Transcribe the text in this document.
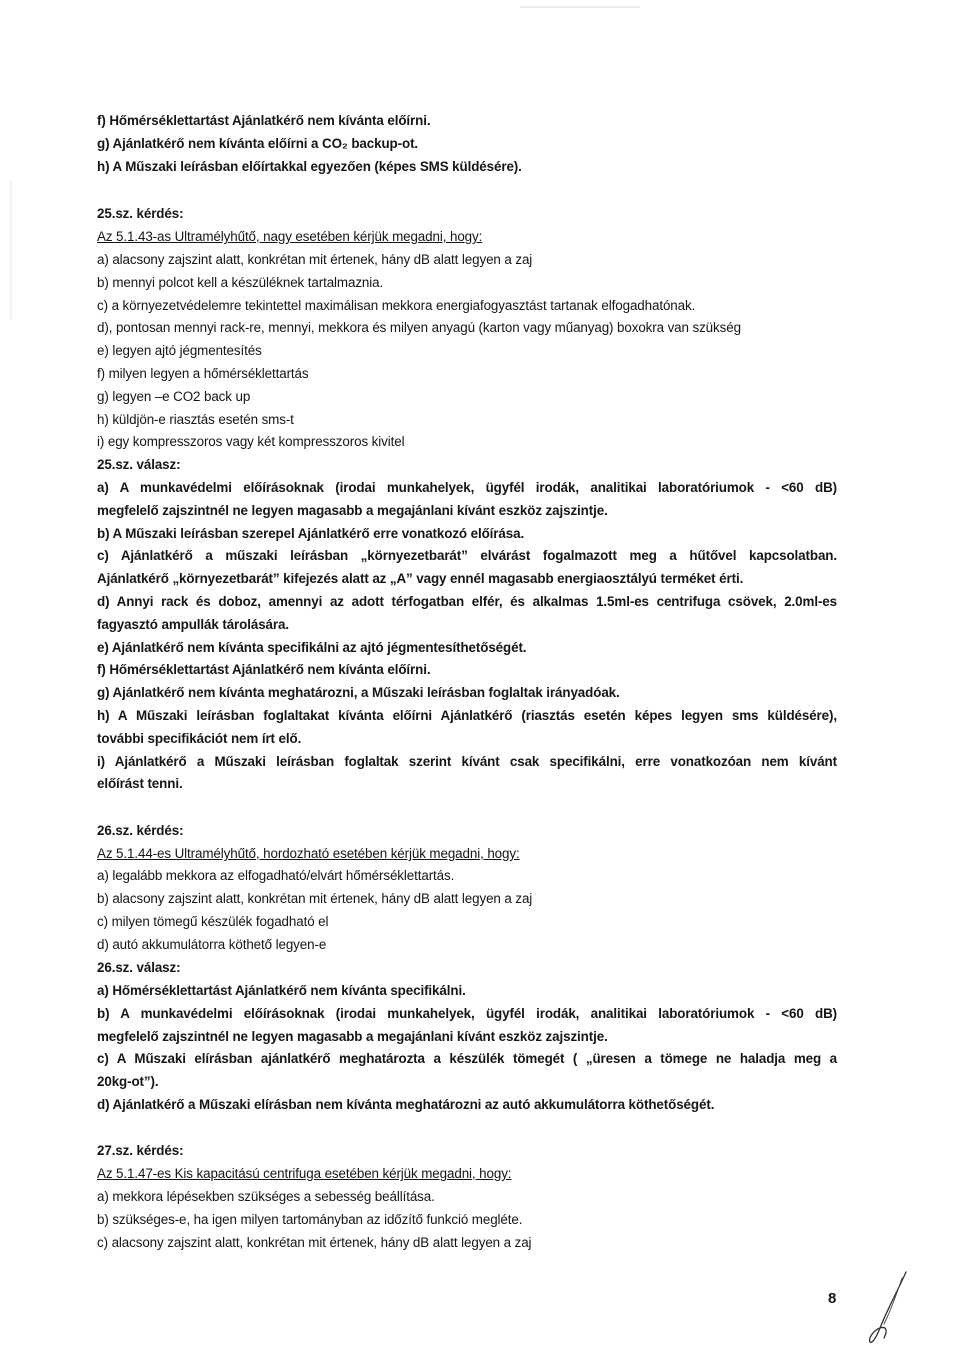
f) Hőmérséklettartást Ajánlatkérő nem kívánta előírni.
g) Ajánlatkérő nem kívánta előírni a CO₂ backup-ot.
h) A Műszaki leírásban előírtakkal egyezően (képes SMS küldésére).
25.sz. kérdés:
Az 5.1.43-as Ultramélyhűtő, nagy esetében kérjük megadni, hogy:
a) alacsony zajszint alatt, konkrétan mit értenek, hány dB alatt legyen a zaj
b) mennyi polcot kell a készüléknek tartalmaznia.
c) a környezetvédelemre tekintettel maximálisan mekkora energiafogyasztást tartanak elfogadhatónak.
d), pontosan mennyi rack-re, mennyi, mekkora és milyen anyagú (karton vagy műanyag) boxokra van szükség
e) legyen ajtó jégmentesítés
f) milyen legyen a hőmérséklettartás
g) legyen –e CO2 back up
h) küldjön-e riasztás esetén sms-t
i) egy kompresszoros vagy két kompresszoros kivitel
25.sz. válasz:
a) A munkavédelmi előírásoknak (irodai munkahelyek, ügyfél irodák, analitikai laboratóriumok - <60 dB)
megfelelő zajszintnél ne legyen magasabb a megajánlani kívánt eszköz zajszintje.
b) A Műszaki leírásban szerepel Ajánlatkérő erre vonatkozó előírása.
c) Ajánlatkérő a műszaki leírásban „környezetbarát” elvárást fogalmazott meg a hűtővel kapcsolatban.
Ajánlatkérő „környezetbarát” kifejezés alatt az „A” vagy ennél magasabb energiaosztályú terméket érti.
d) Annyi rack és doboz, amennyi az adott térfogatban elfér, és alkalmas 1.5ml-es centrifuga csövek, 2.0ml-es
fagyasztó ampullák tárolására.
e) Ajánlatkérő nem kívánta specifikálni az ajtó jégmentesíthetőségét.
f) Hőmérséklettartást Ajánlatkérő nem kívánta előírni.
g) Ajánlatkérő nem kívánta meghatározni, a Műszaki leírásban foglaltak irányadóak.
h) A Műszaki leírásban foglaltakat kívánta előírni Ajánlatkérő (riasztás esetén képes legyen sms küldésére),
további specifikációt nem írt elő.
i) Ajánlatkérő a Műszaki leírásban foglaltak szerint kívánt csak specifikálni, erre vonatkozóan nem kívánt
előírást tenni.
26.sz. kérdés:
Az 5.1.44-es Ultramélyhűtő, hordozható esetében kérjük megadni, hogy:
a) legalább mekkora az elfogadható/elvárt hőmérséklettartás.
b) alacsony zajszint alatt, konkrétan mit értenek, hány dB alatt legyen a zaj
c) milyen tömegű készülék fogadható el
d) autó akkumulátorra köthető legyen-e
26.sz. válasz:
a) Hőmérséklettartást Ajánlatkérő nem kívánta specifikálni.
b) A munkavédelmi előírásoknak (irodai munkahelyek, ügyfél irodák, analitikai laboratóriumok - <60 dB)
megfelelő zajszintnél ne legyen magasabb a megajánlani kívánt eszköz zajszintje.
c) A Műszaki elírásban ajánlatkérő meghatározta a készülék tömegét ( „üresen a tömege ne haladja meg a
20kg-ot”).
d) Ajánlatkérő a Műszaki elírásban nem kívánta meghatározni az autó akkumulátorra köthetőségét.
27.sz. kérdés:
Az 5.1.47-es Kis kapacitású centrifuga esetében kérjük megadni, hogy:
a) mekkora lépésekben szükséges a sebesség beállítása.
b) szükséges-e, ha igen milyen tartományban az időzítő funkció megléte.
c) alacsony zajszint alatt, konkrétan mit értenek, hány dB alatt legyen a zaj
8
